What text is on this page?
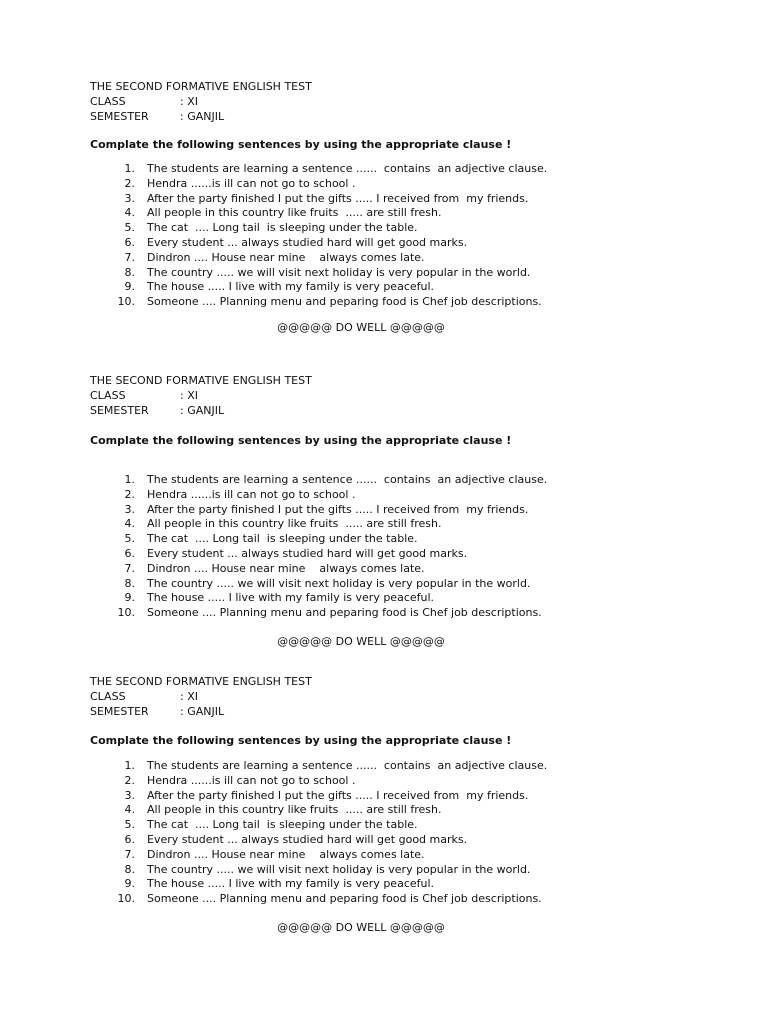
THE SECOND FORMATIVE ENGLISH TEST
CLASS	: XI
SEMESTER	: GANJIL
Complate the following sentences by using the appropriate clause !
1.	The students are learning a sentence ......  contains  an adjective clause.
2.	Hendra ......is ill can not go to school .
3.	After the party finished I put the gifts ..... I received from  my friends.
4.	All people in this country like fruits  ..... are still fresh.
5.	The cat  .... Long tail  is sleeping under the table.
6.	Every student ... always studied hard will get good marks.
7.	Dindron .... House near mine    always comes late.
8.	The country ..... we will visit next holiday is very popular in the world.
9.	The house ..... I live with my family is very peaceful.
10.	Someone .... Planning menu and peparing food is Chef job descriptions.
@@@@@ DO WELL @@@@@
THE SECOND FORMATIVE ENGLISH TEST
CLASS	: XI
SEMESTER	: GANJIL
Complate the following sentences by using the appropriate clause !
1.	The students are learning a sentence ......  contains  an adjective clause.
2.	Hendra ......is ill can not go to school .
3.	After the party finished I put the gifts ..... I received from  my friends.
4.	All people in this country like fruits  ..... are still fresh.
5.	The cat  .... Long tail  is sleeping under the table.
6.	Every student ... always studied hard will get good marks.
7.	Dindron .... House near mine    always comes late.
8.	The country ..... we will visit next holiday is very popular in the world.
9.	The house ..... I live with my family is very peaceful.
10.	Someone .... Planning menu and peparing food is Chef job descriptions.
@@@@@ DO WELL @@@@@
THE SECOND FORMATIVE ENGLISH TEST
CLASS	: XI
SEMESTER	: GANJIL
Complate the following sentences by using the appropriate clause !
1.	The students are learning a sentence ......  contains  an adjective clause.
2.	Hendra ......is ill can not go to school .
3.	After the party finished I put the gifts ..... I received from  my friends.
4.	All people in this country like fruits  ..... are still fresh.
5.	The cat  .... Long tail  is sleeping under the table.
6.	Every student ... always studied hard will get good marks.
7.	Dindron .... House near mine    always comes late.
8.	The country ..... we will visit next holiday is very popular in the world.
9.	The house ..... I live with my family is very peaceful.
10.	Someone .... Planning menu and peparing food is Chef job descriptions.
@@@@@ DO WELL @@@@@
